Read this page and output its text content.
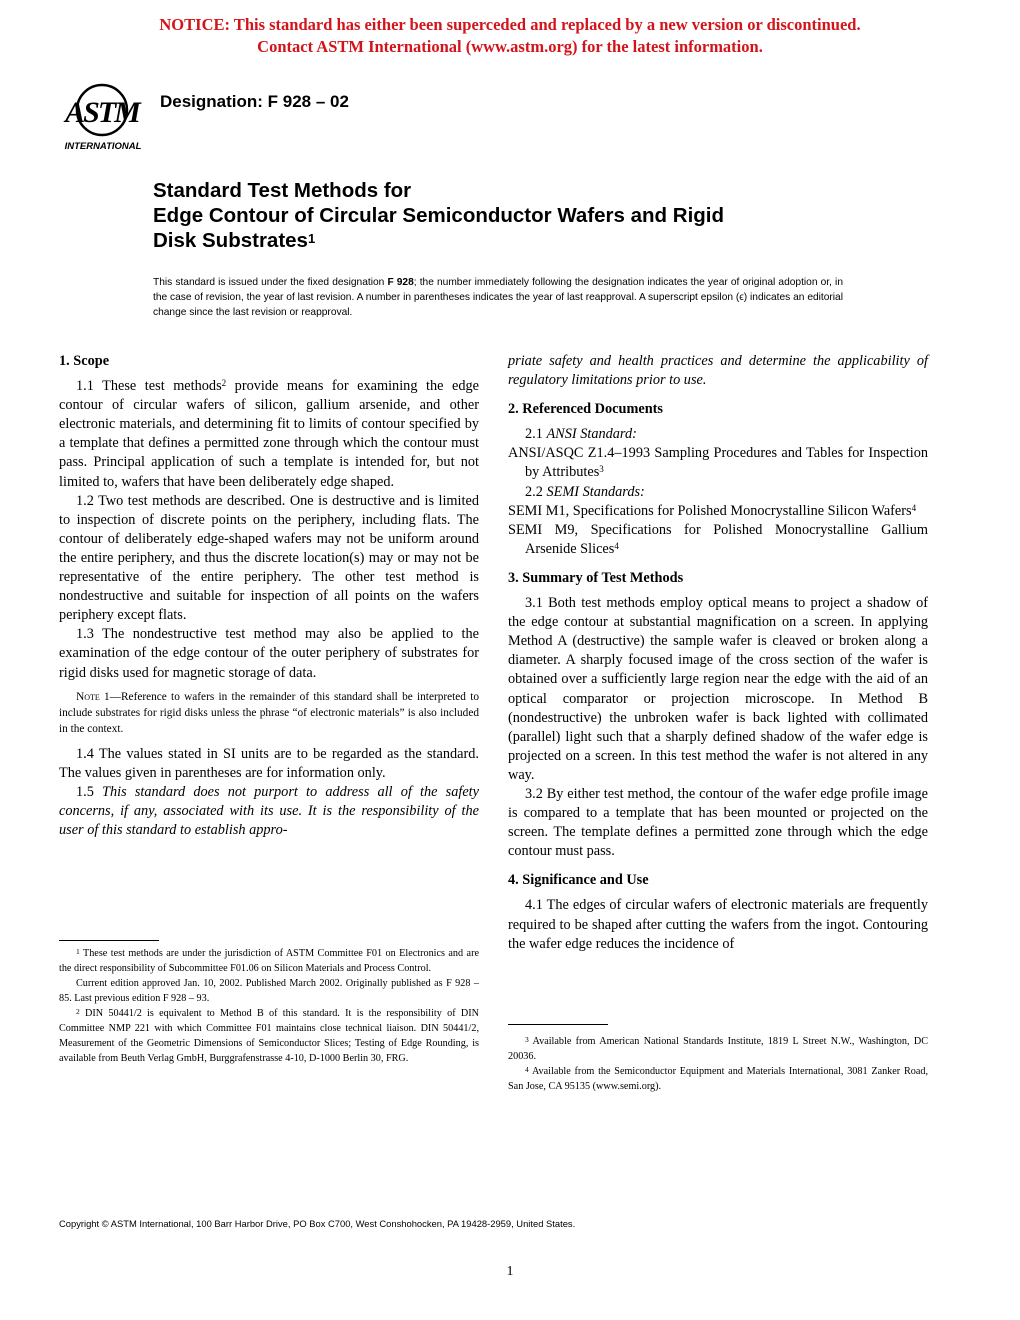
NOTICE: This standard has either been superceded and replaced by a new version or discontinued.
Contact ASTM International (www.astm.org) for the latest information.
ASTM
INTERNATIONAL
Designation: F 928 – 02
Standard Test Methods for
Edge Contour of Circular Semiconductor Wafers and Rigid
Disk Substrates$^1$
This standard is issued under the fixed designation F 928; the number immediately following the designation indicates the year of original adoption or, in the case of revision, the year of last revision. A number in parentheses indicates the year of last reapproval. A superscript epsilon (ϵ) indicates an editorial change since the last revision or reapproval.
1. Scope

1.1 These test methods$^2$ provide means for examining the edge contour of circular wafers of silicon, gallium arsenide, and other electronic materials, and determining fit to limits of contour specified by a template that defines a permitted zone through which the contour must pass. Principal application of such a template is intended for, but not limited to, wafers that have been deliberately edge shaped.

1.2 Two test methods are described. One is destructive and is limited to inspection of discrete points on the periphery, including flats. The contour of deliberately edge-shaped wafers may not be uniform around the entire periphery, and thus the discrete location(s) may or may not be representative of the entire periphery. The other test method is nondestructive and suitable for inspection of all points on the wafers periphery except flats.

1.3 The nondestructive test method may also be applied to the examination of the edge contour of the outer periphery of substrates for rigid disks used for magnetic storage of data.

Note 1—Reference to wafers in the remainder of this standard shall be interpreted to include substrates for rigid disks unless the phrase “of electronic materials” is also included in the context.

1.4 The values stated in SI units are to be regarded as the standard. The values given in parentheses are for information only.

1.5 This standard does not purport to address all of the safety concerns, if any, associated with its use. It is the responsibility of the user of this standard to establish appro-

$^1$ These test methods are under the jurisdiction of ASTM Committee F01 on Electronics and are the direct responsibility of Subcommittee F01.06 on Silicon Materials and Process Control.

Current edition approved Jan. 10, 2002. Published March 2002. Originally published as F 928 – 85. Last previous edition F 928 – 93.

$^2$ DIN 50441/2 is equivalent to Method B of this standard. It is the responsibility of DIN Committee NMP 221 with which Committee F01 maintains close technical liaison. DIN 50441/2, Measurement of the Geometric Dimensions of Semiconductor Slices; Testing of Edge Rounding, is available from Beuth Verlag GmbH, Burggrafenstrasse 4-10, D-1000 Berlin 30, FRG.

priate safety and health practices and determine the applicability of regulatory limitations prior to use.

2. Referenced Documents
2.1 ANSI Standard:
ANSI/ASQC Z1.4–1993 Sampling Procedures and Tables for Inspection by Attributes$^3$
2.2 SEMI Standards:
SEMI M1, Specifications for Polished Monocrystalline Silicon Wafers$^4$
SEMI M9, Specifications for Polished Monocrystalline Gallium Arsenide Slices$^4$
3. Summary of Test Methods

3.1 Both test methods employ optical means to project a shadow of the edge contour at substantial magnification on a screen. In applying Method A (destructive) the sample wafer is cleaved or broken along a diameter. A sharply focused image of the cross section of the wafer is obtained over a sufficiently large region near the edge with the aid of an optical comparator or projection microscope. In Method B (nondestructive) the unbroken wafer is back lighted with collimated (parallel) light such that a sharply defined shadow of the wafer edge is projected on a screen. In this test method the wafer is not altered in any way.

3.2 By either test method, the contour of the wafer edge profile image is compared to a template that has been mounted or projected on the screen. The template defines a permitted zone through which the edge contour must pass.

4. Significance and Use

4.1 The edges of circular wafers of electronic materials are frequently required to be shaped after cutting the wafers from the ingot. Contouring the wafer edge reduces the incidence of

$^3$ Available from American National Standards Institute, 1819 L Street N.W., Washington, DC 20036.

$^4$ Available from the Semiconductor Equipment and Materials International, 3081 Zanker Road, San Jose, CA 95135 (www.semi.org).

Copyright © ASTM International, 100 Barr Harbor Drive, PO Box C700, West Conshohocken, PA 19428-2959, United States.
1
